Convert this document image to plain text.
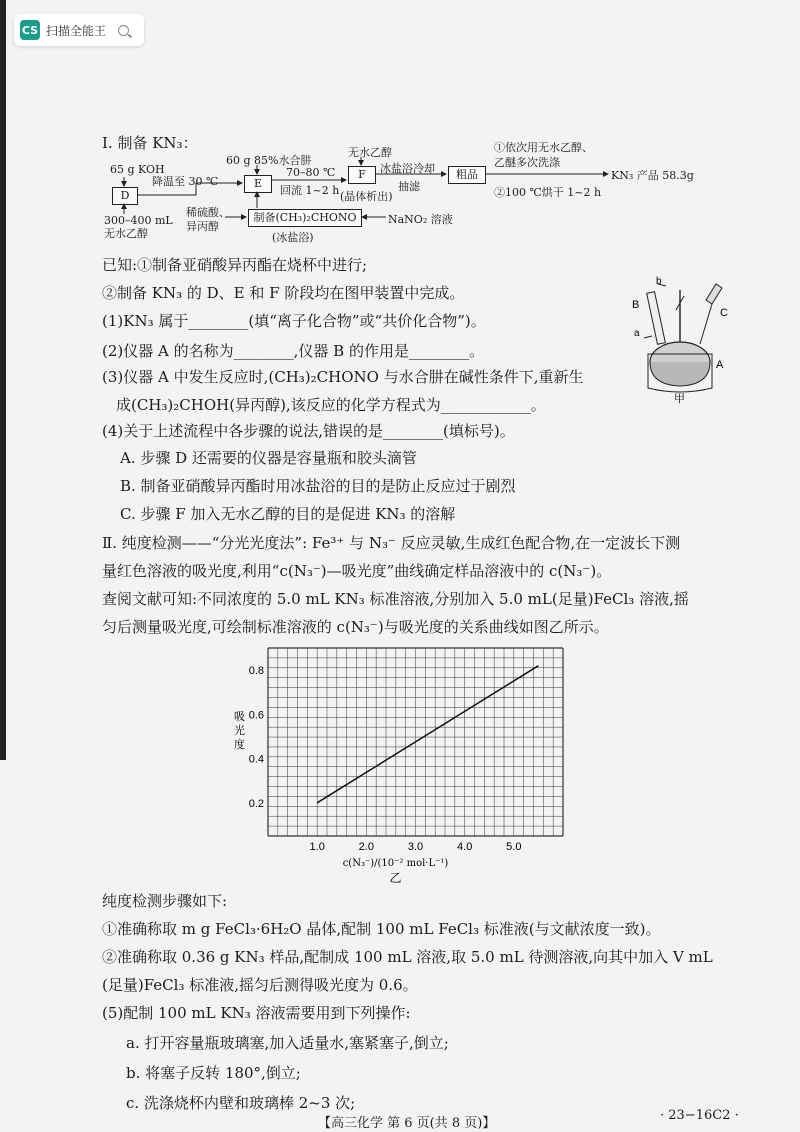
CS 扫描全能王
Ⅰ. 制备 KN₃：
65 g KOH
D
300–400 mL
无水乙醇
降温至 30 ℃
60 g 85%水合肼
E
70–80 ℃
回流 1~2 h
无水乙醇
F
(晶体析出)
冰盐浴冷却
抽滤
粗品
①依次用无水乙醇、
乙醚多次洗涤
②100 ℃烘干 1~2 h
KN₃ 产品 58.3g
稀硫酸、
异丙醇
制备(CH₃)₂CHONO
(冰盐浴)
NaNO₂ 溶液
已知:①制备亚硝酸异丙酯在烧杯中进行;
②制备 KN₃ 的 D、E 和 F 阶段均在图甲装置中完成。
(1)KN₃ 属于________(填“离子化合物”或“共价化合物”)。
(2)仪器 A 的名称为________,仪器 B 的作用是________。
(3)仪器 A 中发生反应时,(CH₃)₂CHONO 与水合肼在碱性条件下,重新生
成(CH₃)₂CHOH(异丙醇),该反应的化学方程式为____________。
(4)关于上述流程中各步骤的说法,错误的是________(填标号)。
A. 步骤 D 还需要的仪器是容量瓶和胶头滴管
B. 制备亚硝酸异丙酯时用冰盐浴的目的是防止反应过于剧烈
C. 步骤 F 加入无水乙醇的目的是促进 KN₃ 的溶解
B
b
a
C
A
甲
Ⅱ. 纯度检测——“分光光度法”: Fe³⁺ 与 N₃⁻ 反应灵敏,生成红色配合物,在一定波长下测
量红色溶液的吸光度,利用“c(N₃⁻)—吸光度”曲线确定样品溶液中的 c(N₃⁻)。
查阅文献可知:不同浓度的 5.0 mL KN₃ 标准溶液,分别加入 5.0 mL(足量)FeCl₃ 溶液,摇
匀后测量吸光度,可绘制标准溶液的 c(N₃⁻)与吸光度的关系曲线如图乙所示。
1.0	2.0	3.0	4.0	5.0
0.2
0.4
0.6
0.8
吸光度
c(N₃⁻)/(10⁻² mol·L⁻¹)
乙
纯度检测步骤如下:
①准确称取 m g FeCl₃·6H₂O 晶体,配制 100 mL FeCl₃ 标准液(与文献浓度一致)。
②准确称取 0.36 g KN₃ 样品,配制成 100 mL 溶液,取 5.0 mL 待测溶液,向其中加入 V mL
(足量)FeCl₃ 标准液,摇匀后测得吸光度为 0.6。
(5)配制 100 mL KN₃ 溶液需要用到下列操作:
a. 打开容量瓶玻璃塞,加入适量水,塞紧塞子,倒立;
b. 将塞子反转 180°,倒立;
c. 洗涤烧杯内壁和玻璃棒 2~3 次;
【高三化学 第 6 页(共 8 页)】
· 23−16C2 ·
